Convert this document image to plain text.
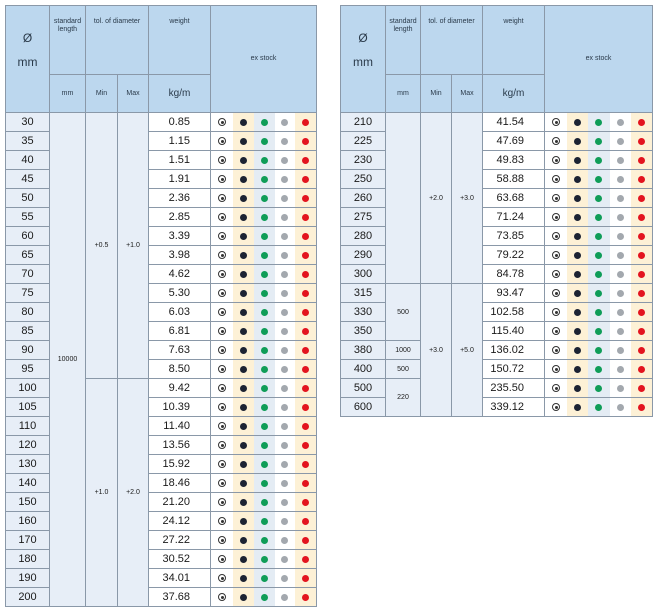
Ø
mm	standard length	tol. of diameter		weight	ex stock
	mm	Min	Max	kg/m	
30	10000	+0.5	+1.0	0.85	

35				1.15	

40				1.51	

45				1.91	

50				2.36	

55				2.85	

60				3.39	

65				3.98	

70				4.62	

75				5.30	

80				6.03	

85				6.81	

90				7.63	

95				8.50	

100		+1.0	+2.0	9.42	

105				10.39	

110				11.40	

120				13.56	

130				15.92	

140				18.46	

150				21.20	

160				24.12	

170				27.22	

180				30.52	

190				34.01	

200				37.68	
Ø
mm	standard length	tol. of diameter		weight	ex stock
	mm	Min	Max	kg/m	
210		+2.0	+3.0	41.54	

225				47.69	

230				49.83	

250				58.88	

260				63.68	

275				71.24	

280				73.85	

290				79.22	

300				84.78	

315	500	+3.0	+5.0	93.47	

330				102.58	

350				115.40	

380	1000			136.02	

400	500			150.72	

500	220			235.50	

600				339.12	
